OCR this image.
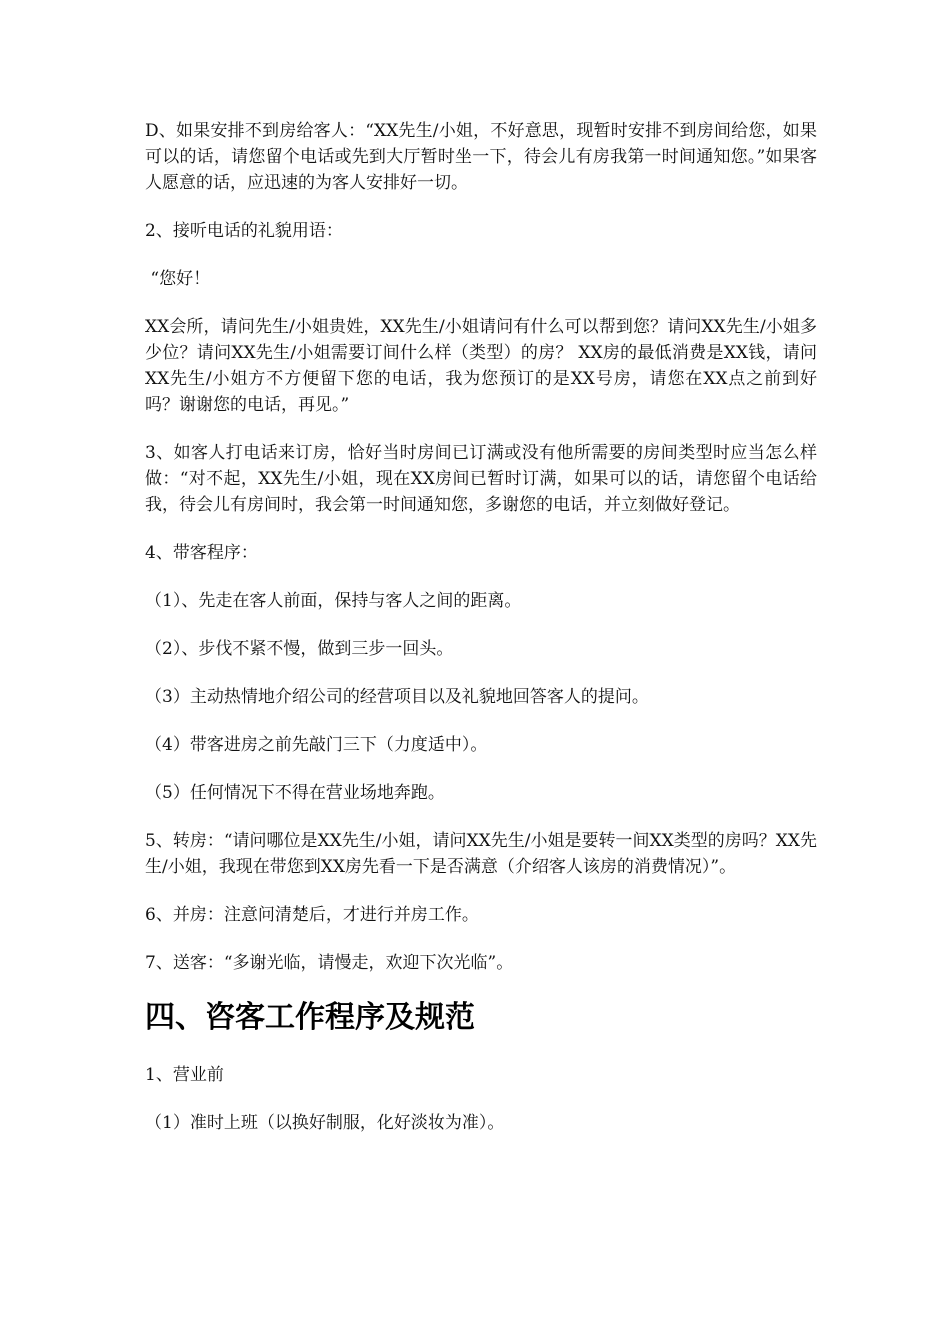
D、如果安排不到房给客人：“XX先生/小姐，不好意思，现暂时安排不到房间给您，如果可以的话，请您留个电话或先到大厅暂时坐一下，待会儿有房我第一时间通知您。”如果客人愿意的话，应迅速的为客人安排好一切。

2、接听电话的礼貌用语：

“您好！

XX会所，请问先生/小姐贵姓，XX先生/小姐请问有什么可以帮到您？请问XX先生/小姐多少位？请问XX先生/小姐需要订间什么样（类型）的房？ XX房的最低消费是XX钱，请问XX先生/小姐方不方便留下您的电话，我为您预订的是XX号房，请您在XX点之前到好吗？谢谢您的电话，再见。”

3、如客人打电话来订房，恰好当时房间已订满或没有他所需要的房间类型时应当怎么样做：“对不起，XX先生/小姐，现在XX房间已暂时订满，如果可以的话，请您留个电话给我，待会儿有房间时，我会第一时间通知您，多谢您的电话，并立刻做好登记。

4、带客程序：

（1）、先走在客人前面，保持与客人之间的距离。

（2）、步伐不紧不慢，做到三步一回头。

（3）主动热情地介绍公司的经营项目以及礼貌地回答客人的提问。

（4）带客进房之前先敲门三下（力度适中）。

（5）任何情况下不得在营业场地奔跑。

5、转房：“请问哪位是XX先生/小姐，请问XX先生/小姐是要转一间XX类型的房吗？XX先生/小姐，我现在带您到XX房先看一下是否满意（介绍客人该房的消费情况）”。

6、并房：注意问清楚后，才进行并房工作。

7、送客：“多谢光临，请慢走，欢迎下次光临”。

四、咨客工作程序及规范

1、营业前

（1）准时上班（以换好制服，化好淡妆为准）。
